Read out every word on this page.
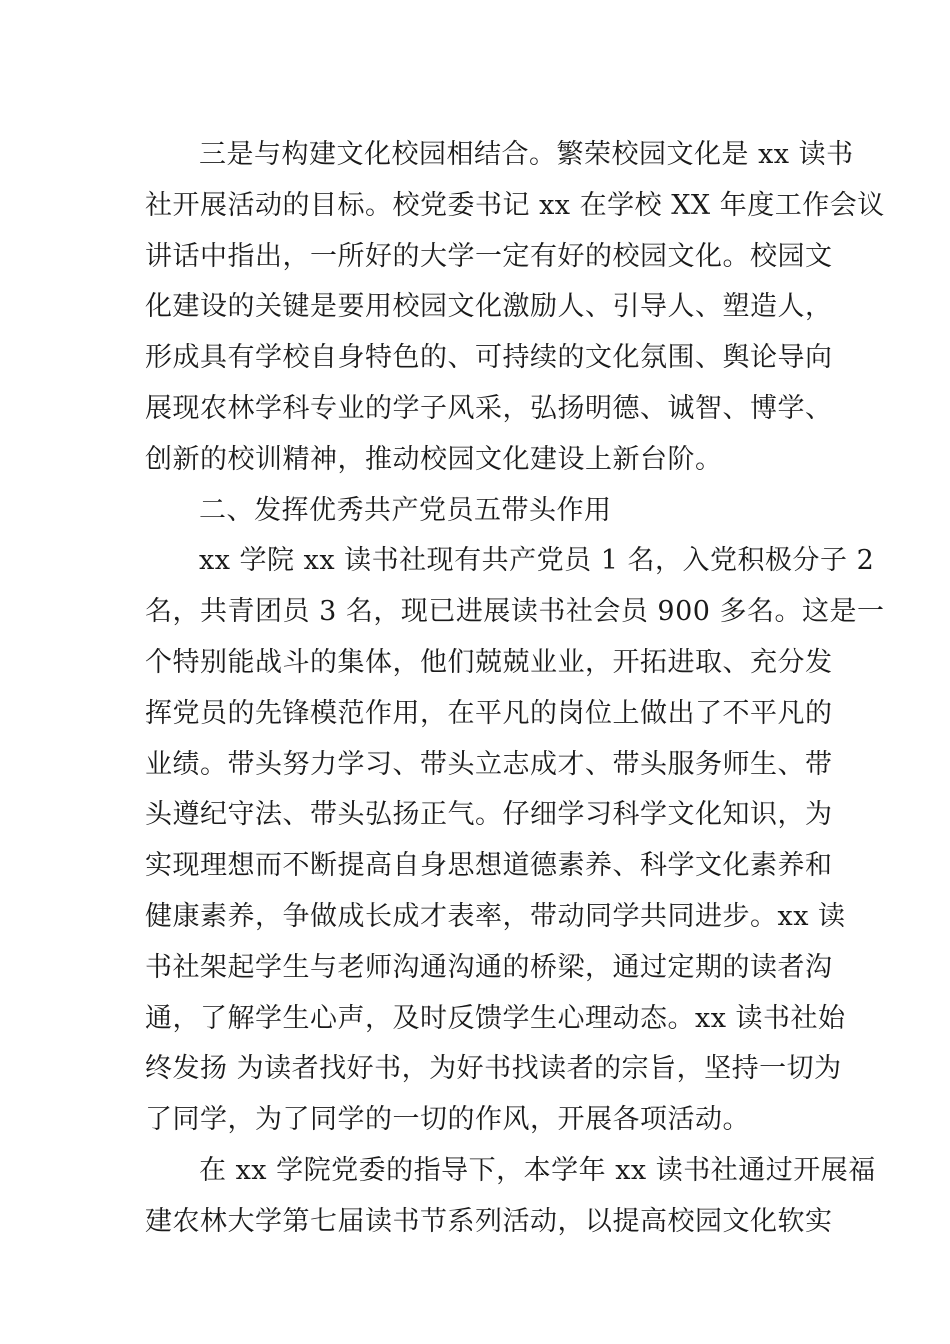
三是与构建文化校园相结合。繁荣校园文化是 xx 读书
社开展活动的目标。校党委书记 xx 在学校 XX 年度工作会议
讲话中指出，一所好的大学一定有好的校园文化。校园文
化建设的关键是要用校园文化激励人、引导人、塑造人，
形成具有学校自身特色的、可持续的文化氛围、舆论导向
展现农林学科专业的学子风采，弘扬明德、诚智、博学、
创新的校训精神，推动校园文化建设上新台阶。
二、发挥优秀共产党员五带头作用
xx 学院 xx 读书社现有共产党员 1 名，入党积极分子 2
名，共青团员 3 名，现已进展读书社会员 900 多名。这是一
个特别能战斗的集体，他们兢兢业业，开拓进取、充分发
挥党员的先锋模范作用，在平凡的岗位上做出了不平凡的
业绩。带头努力学习、带头立志成才、带头服务师生、带
头遵纪守法、带头弘扬正气。仔细学习科学文化知识，为
实现理想而不断提高自身思想道德素养、科学文化素养和
健康素养，争做成长成才表率，带动同学共同进步。xx 读
书社架起学生与老师沟通沟通的桥梁，通过定期的读者沟
通，了解学生心声，及时反馈学生心理动态。xx 读书社始
终发扬 为读者找好书，为好书找读者的宗旨，坚持一切为
了同学，为了同学的一切的作风，开展各项活动。
在 xx 学院党委的指导下，本学年 xx 读书社通过开展福
建农林大学第七届读书节系列活动，以提高校园文化软实
